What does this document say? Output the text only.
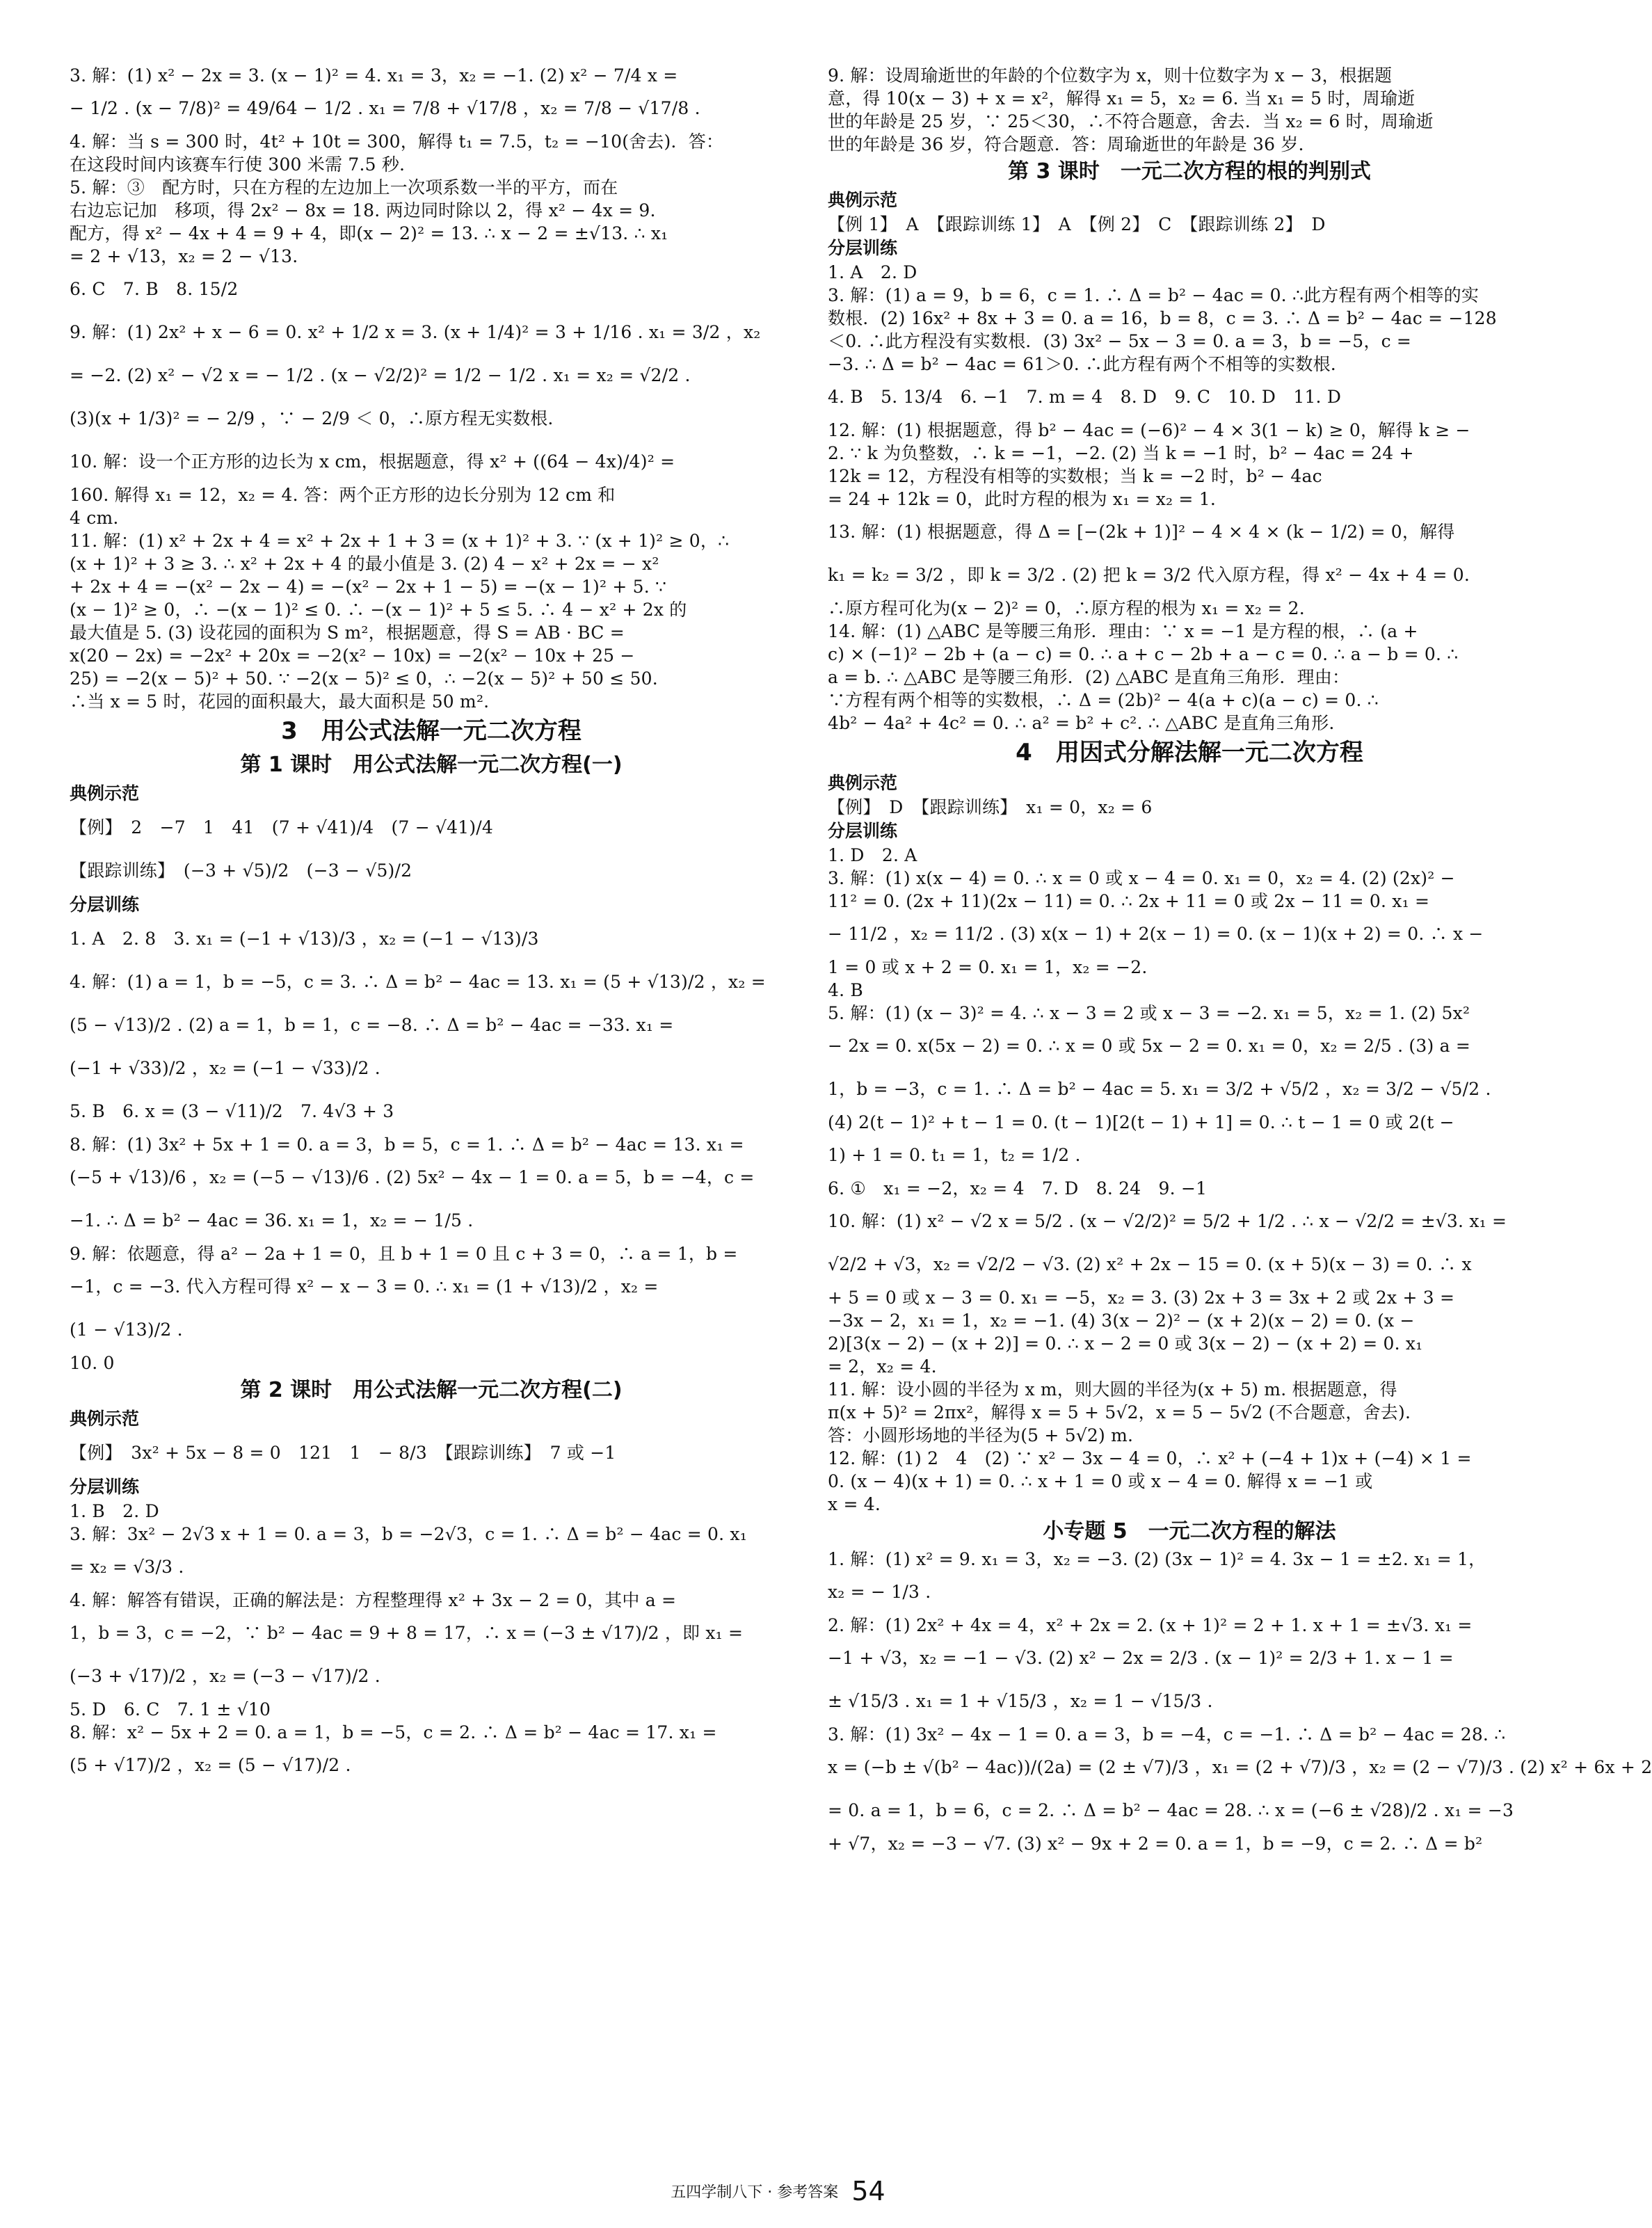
3. 解：(1) x² − 2x = 3. (x − 1)² = 4. x₁ = 3，x₂ = −1. (2) x² − 7/4 x =
− 1/2 . (x − 7/8)² = 49/64 − 1/2 . x₁ = 7/8 + √17/8 ，x₂ = 7/8 − √17/8 .
4. 解：当 s = 300 时，4t² + 10t = 300，解得 t₁ = 7.5，t₂ = −10(舍去)．答：
在这段时间内该赛车行使 300 米需 7.5 秒．
5. 解：③　配方时，只在方程的左边加上一次项系数一半的平方，而在
右边忘记加　移项，得 2x² − 8x = 18. 两边同时除以 2，得 x² − 4x = 9.
配方，得 x² − 4x + 4 = 9 + 4，即(x − 2)² = 13. ∴ x − 2 = ±√13. ∴ x₁
= 2 + √13，x₂ = 2 − √13.
6. C　7. B　8. 15/2
9. 解：(1) 2x² + x − 6 = 0. x² + 1/2 x = 3. (x + 1/4)² = 3 + 1/16 . x₁ = 3/2 ，x₂
= −2. (2) x² − √2 x = − 1/2 . (x − √2/2)² = 1/2 − 1/2 . x₁ = x₂ = √2/2 .
(3)(x + 1/3)² = − 2/9 ，∵ − 2/9 ＜ 0，∴原方程无实数根．
10. 解：设一个正方形的边长为 x cm，根据题意，得 x² + ((64 − 4x)/4)² =
160. 解得 x₁ = 12，x₂ = 4. 答：两个正方形的边长分别为 12 cm 和
4 cm.
11. 解：(1) x² + 2x + 4 = x² + 2x + 1 + 3 = (x + 1)² + 3. ∵ (x + 1)² ≥ 0，∴
(x + 1)² + 3 ≥ 3. ∴ x² + 2x + 4 的最小值是 3. (2) 4 − x² + 2x = − x²
+ 2x + 4 = −(x² − 2x − 4) = −(x² − 2x + 1 − 5) = −(x − 1)² + 5. ∵
(x − 1)² ≥ 0，∴ −(x − 1)² ≤ 0. ∴ −(x − 1)² + 5 ≤ 5. ∴ 4 − x² + 2x 的
最大值是 5. (3) 设花园的面积为 S m²，根据题意，得 S = AB · BC =
x(20 − 2x) = −2x² + 20x = −2(x² − 10x) = −2(x² − 10x + 25 −
25) = −2(x − 5)² + 50. ∵ −2(x − 5)² ≤ 0，∴ −2(x − 5)² + 50 ≤ 50.
∴当 x = 5 时，花园的面积最大，最大面积是 50 m².
3　用公式法解一元二次方程
第 1 课时　用公式法解一元二次方程(一)
典例示范
【例】　2　−7　1　41　(7 + √41)/4　(7 − √41)/4
【跟踪训练】　(−3 + √5)/2　(−3 − √5)/2
分层训练
1. A　2. 8　3. x₁ = (−1 + √13)/3 ，x₂ = (−1 − √13)/3
4. 解：(1) a = 1，b = −5，c = 3. ∴ Δ = b² − 4ac = 13. x₁ = (5 + √13)/2 ，x₂ =
(5 − √13)/2 . (2) a = 1，b = 1，c = −8. ∴ Δ = b² − 4ac = −33. x₁ =
(−1 + √33)/2 ，x₂ = (−1 − √33)/2 .
5. B　6. x = (3 − √11)/2　7. 4√3 + 3
8. 解：(1) 3x² + 5x + 1 = 0. a = 3，b = 5，c = 1. ∴ Δ = b² − 4ac = 13. x₁ =
(−5 + √13)/6 ，x₂ = (−5 − √13)/6 . (2) 5x² − 4x − 1 = 0. a = 5，b = −4，c =
−1. ∴ Δ = b² − 4ac = 36. x₁ = 1，x₂ = − 1/5 .
9. 解：依题意，得 a² − 2a + 1 = 0，且 b + 1 = 0 且 c + 3 = 0，∴ a = 1，b =
−1，c = −3. 代入方程可得 x² − x − 3 = 0. ∴ x₁ = (1 + √13)/2 ，x₂ =
(1 − √13)/2 .
10. 0
第 2 课时　用公式法解一元二次方程(二)
典例示范
【例】　3x² + 5x − 8 = 0　121　1　− 8/3　【跟踪训练】　7 或 −1
分层训练
1. B　2. D
3. 解：3x² − 2√3 x + 1 = 0. a = 3，b = −2√3，c = 1. ∴ Δ = b² − 4ac = 0. x₁
= x₂ = √3/3 .
4. 解：解答有错误，正确的解法是：方程整理得 x² + 3x − 2 = 0，其中 a =
1，b = 3，c = −2，∵ b² − 4ac = 9 + 8 = 17，∴ x = (−3 ± √17)/2 ，即 x₁ =
(−3 + √17)/2 ，x₂ = (−3 − √17)/2 .
5. D　6. C　7. 1 ± √10
8. 解：x² − 5x + 2 = 0. a = 1，b = −5，c = 2. ∴ Δ = b² − 4ac = 17. x₁ =
(5 + √17)/2 ，x₂ = (5 − √17)/2 .
9. 解：设周瑜逝世的年龄的个位数字为 x，则十位数字为 x − 3，根据题
意，得 10(x − 3) + x = x²，解得 x₁ = 5，x₂ = 6. 当 x₁ = 5 时，周瑜逝
世的年龄是 25 岁，∵ 25＜30，∴不符合题意，舍去．当 x₂ = 6 时，周瑜逝
世的年龄是 36 岁，符合题意．答：周瑜逝世的年龄是 36 岁．
第 3 课时　一元二次方程的根的判别式
典例示范
【例 1】　A　【跟踪训练 1】　A　【例 2】　C　【跟踪训练 2】　D
分层训练
1. A　2. D
3. 解：(1) a = 9，b = 6，c = 1. ∴ Δ = b² − 4ac = 0. ∴此方程有两个相等的实
数根．(2) 16x² + 8x + 3 = 0. a = 16，b = 8，c = 3. ∴ Δ = b² − 4ac = −128
＜0. ∴此方程没有实数根．(3) 3x² − 5x − 3 = 0. a = 3，b = −5，c =
−3. ∴ Δ = b² − 4ac = 61＞0. ∴此方程有两个不相等的实数根．
4. B　5. 13/4　6. −1　7. m = 4　8. D　9. C　10. D　11. D
12. 解：(1) 根据题意，得 b² − 4ac = (−6)² − 4 × 3(1 − k) ≥ 0，解得 k ≥ −
2. ∵ k 为负整数，∴ k = −1，−2. (2) 当 k = −1 时，b² − 4ac = 24 +
12k = 12，方程没有相等的实数根；当 k = −2 时，b² − 4ac
= 24 + 12k = 0，此时方程的根为 x₁ = x₂ = 1.
13. 解：(1) 根据题意，得 Δ = [−(2k + 1)]² − 4 × 4 × (k − 1/2) = 0，解得
k₁ = k₂ = 3/2 ，即 k = 3/2 . (2) 把 k = 3/2 代入原方程，得 x² − 4x + 4 = 0.
∴原方程可化为(x − 2)² = 0，∴原方程的根为 x₁ = x₂ = 2.
14. 解：(1) △ABC 是等腰三角形．理由：∵ x = −1 是方程的根，∴ (a +
c) × (−1)² − 2b + (a − c) = 0. ∴ a + c − 2b + a − c = 0. ∴ a − b = 0. ∴
a = b. ∴ △ABC 是等腰三角形．(2) △ABC 是直角三角形．理由：
∵方程有两个相等的实数根，∴ Δ = (2b)² − 4(a + c)(a − c) = 0. ∴
4b² − 4a² + 4c² = 0. ∴ a² = b² + c². ∴ △ABC 是直角三角形．
4　用因式分解法解一元二次方程
典例示范
【例】　D　【跟踪训练】　x₁ = 0，x₂ = 6
分层训练
1. D　2. A
3. 解：(1) x(x − 4) = 0. ∴ x = 0 或 x − 4 = 0. x₁ = 0，x₂ = 4. (2) (2x)² −
11² = 0. (2x + 11)(2x − 11) = 0. ∴ 2x + 11 = 0 或 2x − 11 = 0. x₁ =
− 11/2 ，x₂ = 11/2 . (3) x(x − 1) + 2(x − 1) = 0. (x − 1)(x + 2) = 0. ∴ x −
1 = 0 或 x + 2 = 0. x₁ = 1，x₂ = −2.
4. B
5. 解：(1) (x − 3)² = 4. ∴ x − 3 = 2 或 x − 3 = −2. x₁ = 5，x₂ = 1. (2) 5x²
− 2x = 0. x(5x − 2) = 0. ∴ x = 0 或 5x − 2 = 0. x₁ = 0，x₂ = 2/5 . (3) a =
1，b = −3，c = 1. ∴ Δ = b² − 4ac = 5. x₁ = 3/2 + √5/2 ，x₂ = 3/2 − √5/2 .
(4) 2(t − 1)² + t − 1 = 0. (t − 1)[2(t − 1) + 1] = 0. ∴ t − 1 = 0 或 2(t −
1) + 1 = 0. t₁ = 1，t₂ = 1/2 .
6. ①　x₁ = −2，x₂ = 4　7. D　8. 24　9. −1
10. 解：(1) x² − √2 x = 5/2 . (x − √2/2)² = 5/2 + 1/2 . ∴ x − √2/2 = ±√3. x₁ =
√2/2 + √3，x₂ = √2/2 − √3. (2) x² + 2x − 15 = 0. (x + 5)(x − 3) = 0. ∴ x
+ 5 = 0 或 x − 3 = 0. x₁ = −5，x₂ = 3. (3) 2x + 3 = 3x + 2 或 2x + 3 =
−3x − 2，x₁ = 1，x₂ = −1. (4) 3(x − 2)² − (x + 2)(x − 2) = 0. (x −
2)[3(x − 2) − (x + 2)] = 0. ∴ x − 2 = 0 或 3(x − 2) − (x + 2) = 0. x₁
= 2，x₂ = 4.
11. 解：设小圆的半径为 x m，则大圆的半径为(x + 5) m. 根据题意，得
π(x + 5)² = 2πx²，解得 x = 5 + 5√2，x = 5 − 5√2 (不合题意，舍去).
答：小圆形场地的半径为(5 + 5√2) m.
12. 解：(1) 2　4　(2) ∵ x² − 3x − 4 = 0，∴ x² + (−4 + 1)x + (−4) × 1 =
0. (x − 4)(x + 1) = 0. ∴ x + 1 = 0 或 x − 4 = 0. 解得 x = −1 或
x = 4.
小专题 5　一元二次方程的解法
1. 解：(1) x² = 9. x₁ = 3，x₂ = −3. (2) (3x − 1)² = 4. 3x − 1 = ±2. x₁ = 1，
x₂ = − 1/3 .
2. 解：(1) 2x² + 4x = 4，x² + 2x = 2. (x + 1)² = 2 + 1. x + 1 = ±√3. x₁ =
−1 + √3，x₂ = −1 − √3. (2) x² − 2x = 2/3 . (x − 1)² = 2/3 + 1. x − 1 =
± √15/3 . x₁ = 1 + √15/3 ，x₂ = 1 − √15/3 .
3. 解：(1) 3x² − 4x − 1 = 0. a = 3，b = −4，c = −1. ∴ Δ = b² − 4ac = 28. ∴
x = (−b ± √(b² − 4ac))/(2a) = (2 ± √7)/3 ，x₁ = (2 + √7)/3 ，x₂ = (2 − √7)/3 . (2) x² + 6x + 2
= 0. a = 1，b = 6，c = 2. ∴ Δ = b² − 4ac = 28. ∴ x = (−6 ± √28)/2 . x₁ = −3
+ √7，x₂ = −3 − √7. (3) x² − 9x + 2 = 0. a = 1，b = −9，c = 2. ∴ Δ = b²
五四学制八下 · 参考答案 54
